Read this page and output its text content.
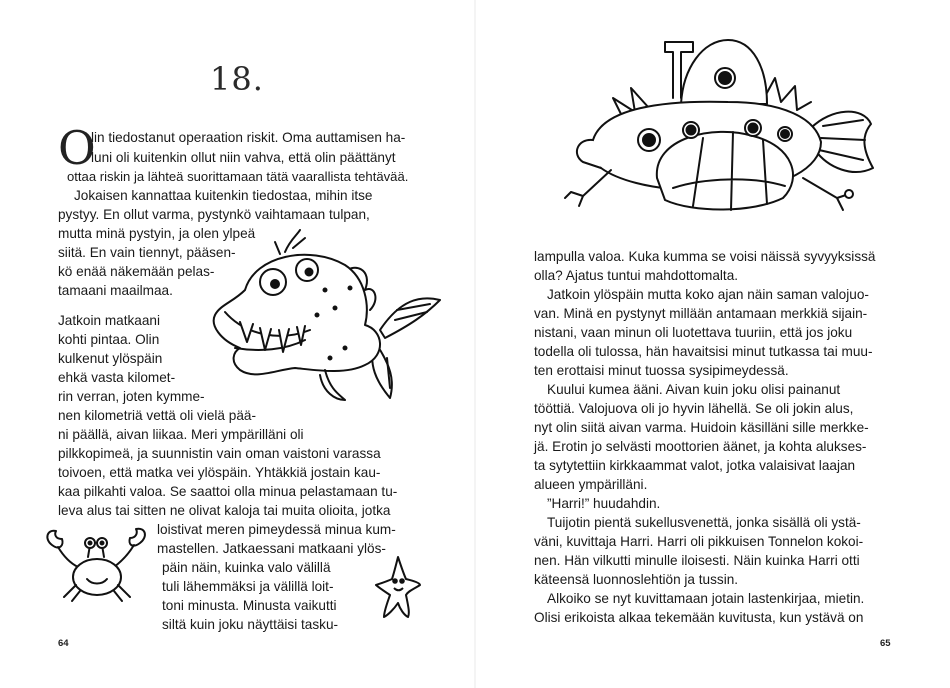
18.
O
lin tiedostanut operaation riskit. Oma auttamisen ha-
luni oli kuitenkin ollut niin vahva, että olin päättänyt
ottaa riskin ja lähteä suorittamaan tätä vaarallista tehtävää.
Jokaisen kannattaa kuitenkin tiedostaa, mihin itse
pystyy. En ollut varma, pystynkö vaihtamaan tulpan,
mutta minä pystyin, ja olen ylpeä
siitä. En vain tiennyt, pääsen-
kö enää näkemään pelas-
tamaani maailmaa.
Jatkoin matkaani
kohti pintaa. Olin
kulkenut ylöspäin
ehkä vasta kilomet-
rin verran, joten kymme-
nen kilometriä vettä oli vielä pää-
ni päällä, aivan liikaa. Meri ympärilläni oli
pilkkopimeä, ja suunnistin vain oman vaistoni varassa
toivoen, että matka vei ylöspäin. Yhtäkkiä jostain kau-
kaa pilkahti valoa. Se saattoi olla minua pelastamaan tu-
leva alus tai sitten ne olivat kaloja tai muita olioita, jotka
loistivat meren pimeydessä minua kum-
mastellen. Jatkaessani matkaani ylös-
päin näin, kuinka valo välillä
tuli lähemmäksi ja välillä loit-
toni minusta. Minusta vaikutti
siltä kuin joku näyttäisi tasku-
64
lampulla valoa. Kuka kumma se voisi näissä syvyyksissä
olla? Ajatus tuntui mahdottomalta.
Jatkoin ylöspäin mutta koko ajan näin saman valojuo-
van. Minä en pystynyt millään antamaan merkkiä sijain-
nistani, vaan minun oli luotettava tuuriin, että jos joku
todella oli tulossa, hän havaitsisi minut tutkassa tai muu-
ten erottaisi minut tuossa sysipimeydessä.
Kuului kumea ääni. Aivan kuin joku olisi painanut
tööttiä. Valojuova oli jo hyvin lähellä. Se oli jokin alus,
nyt olin siitä aivan varma. Huidoin käsilläni sille merkke-
jä. Erotin jo selvästi moottorien äänet, ja kohta alukses-
ta sytytettiin kirkkaammat valot, jotka valaisivat laajan
alueen ympärilläni.
”Harri!” huudahdin.
Tuijotin pientä sukellusvenettä, jonka sisällä oli ystä-
väni, kuvittaja Harri. Harri oli pikkuisen Tonnelon kokoi-
nen. Hän vilkutti minulle iloisesti. Näin kuinka Harri otti
käteensä luonnoslehtiön ja tussin.
Alkoiko se nyt kuvittamaan jotain lastenkirjaa, mietin.
Olisi erikoista alkaa tekemään kuvitusta, kun ystävä on
65
